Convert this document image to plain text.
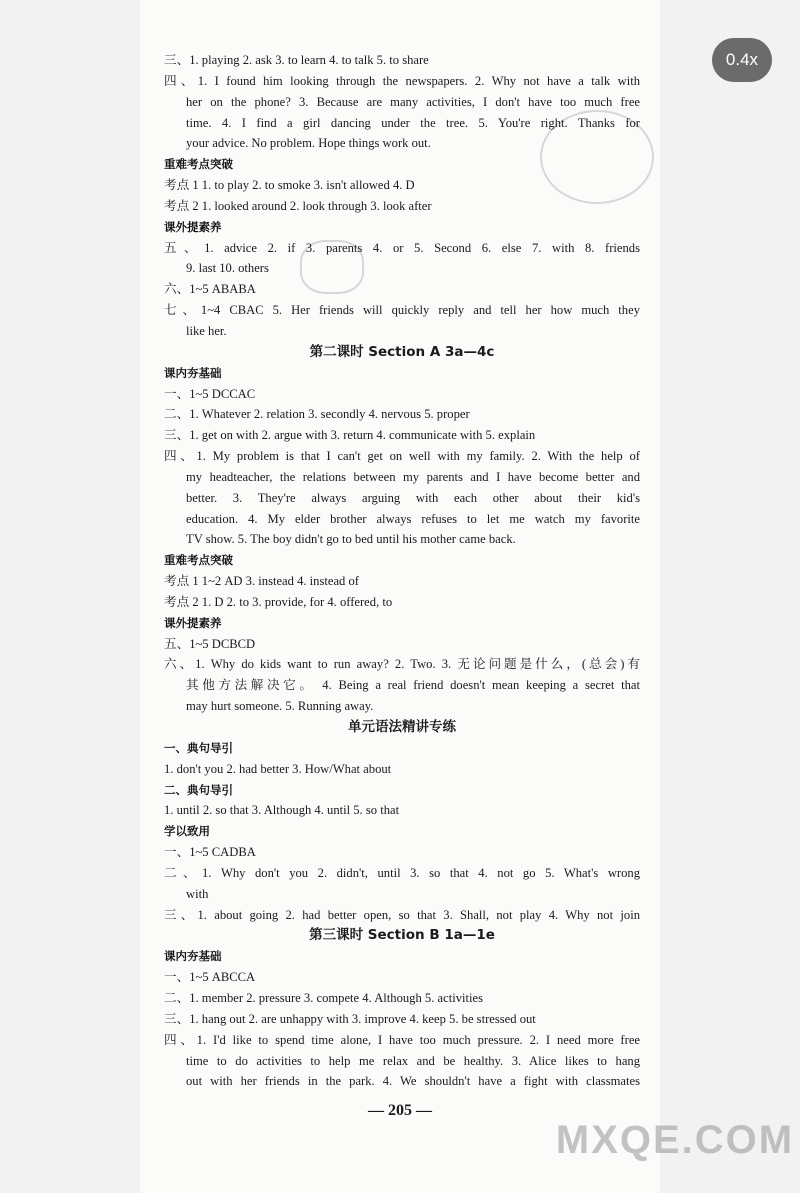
三、1. playing 2. ask 3. to learn 4. to talk 5. to share
四、1. I found him looking through the newspapers. 2. Why not have a talk with
her on the phone? 3. Because are many activities, I don't have too much free
time. 4. I find a girl dancing under the tree. 5. You're right. Thanks for
your advice. No problem. Hope things work out.
重难考点突破
考点 1 1. to play 2. to smoke 3. isn't allowed 4. D
考点 2 1. looked around 2. look through 3. look after
课外提素养
五、1. advice 2. if 3. parents 4. or 5. Second 6. else 7. with 8. friends
9. last 10. others
六、1~5 ABABA
七、1~4 CBAC 5. Her friends will quickly reply and tell her how much they
like her.
第二课时 Section A 3a—4c
课内夯基础
一、1~5 DCCAC
二、1. Whatever 2. relation 3. secondly 4. nervous 5. proper
三、1. get on with 2. argue with 3. return 4. communicate with 5. explain
四、1. My problem is that I can't get on well with my family. 2. With the help of
my headteacher, the relations between my parents and I have become better and
better. 3. They're always arguing with each other about their kid's
education. 4. My elder brother always refuses to let me watch my favorite
TV show. 5. The boy didn't go to bed until his mother came back.
重难考点突破
考点 1 1~2 AD 3. instead 4. instead of
考点 2 1. D 2. to 3. provide, for 4. offered, to
课外提素养
五、1~5 DCBCD
六、1. Why do kids want to run away? 2. Two. 3. 无论问题是什么，(总会)有
其他方法解决它。 4. Being a real friend doesn't mean keeping a secret that
may hurt someone. 5. Running away.
单元语法精讲专练
一、典句导引
1. don't you 2. had better 3. How/What about
二、典句导引
1. until 2. so that 3. Although 4. until 5. so that
学以致用
一、1~5 CADBA
二、1. Why don't you 2. didn't, until 3. so that 4. not go 5. What's wrong
with
三、1. about going 2. had better open, so that 3. Shall, not play 4. Why not join
第三课时 Section B 1a—1e
课内夯基础
一、1~5 ABCCA
二、1. member 2. pressure 3. compete 4. Although 5. activities
三、1. hang out 2. are unhappy with 3. improve 4. keep 5. be stressed out
四、1. I'd like to spend time alone, I have too much pressure. 2. I need more free
time to do activities to help me relax and be healthy. 3. Alice likes to hang
out with her friends in the park. 4. We shouldn't have a fight with classmates
— 205 —
0.4x
MXQE.COM
